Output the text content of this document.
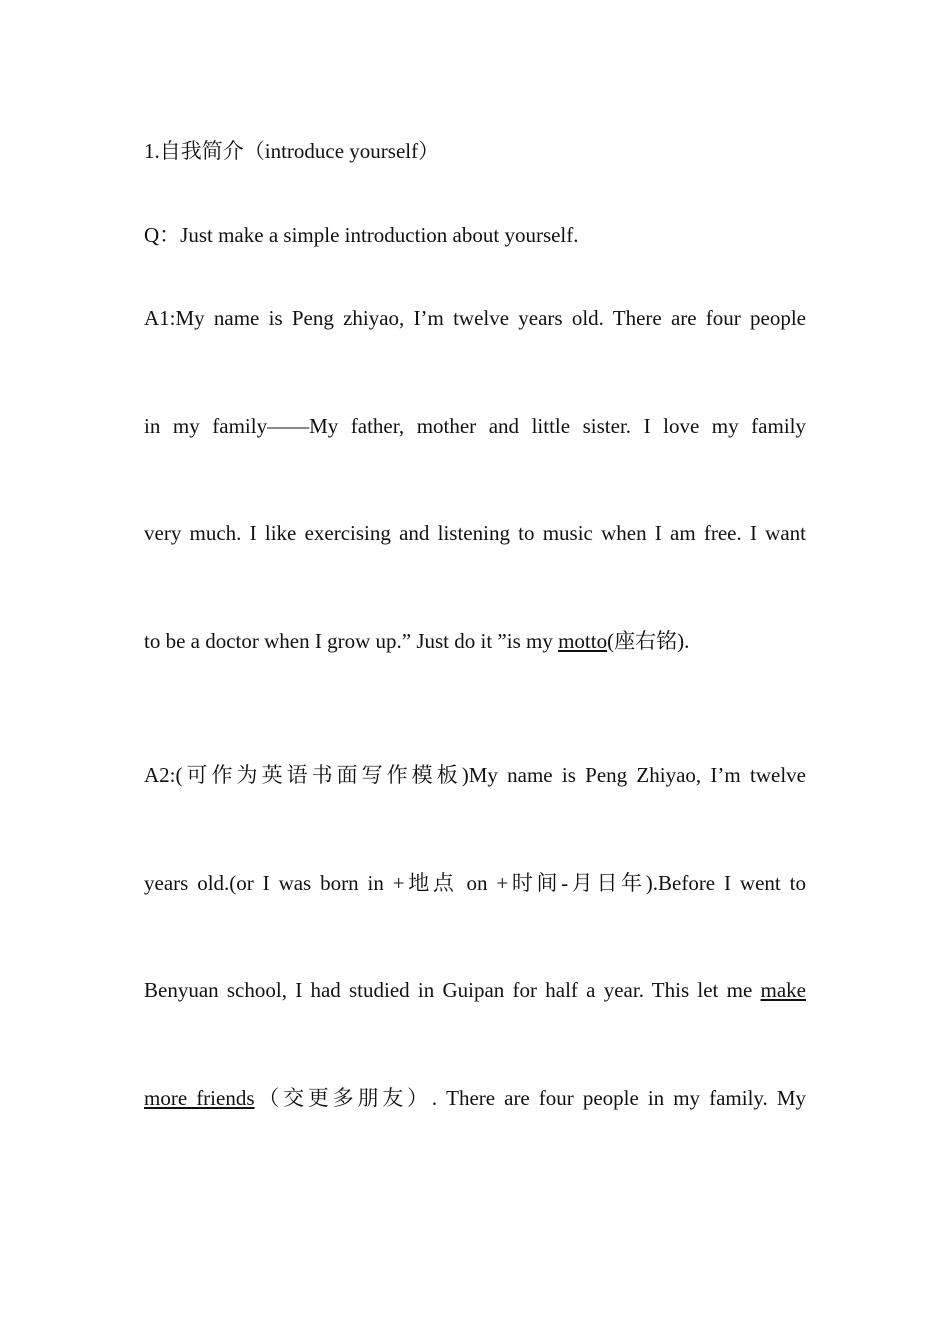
1.自我简介（introduce yourself）
Q：Just make a simple introduction about yourself.
A1:My name is Peng zhiyao, I’m twelve years old. There are four people
in my family——My father, mother and little sister. I love my family
very much. I like exercising and listening to music when I am free. I want
to be a doctor when I grow up.” Just do it ”is my motto(座右铭).
A2:(可作为英语书面写作模板)My name is Peng Zhiyao, I’m twelve
years old.(or I was born in +地点 on +时间-月日年).Before I went to
Benyuan school, I had studied in Guipan for half a year. This let me make
more friends（交更多朋友）. There are four people in my family. My
